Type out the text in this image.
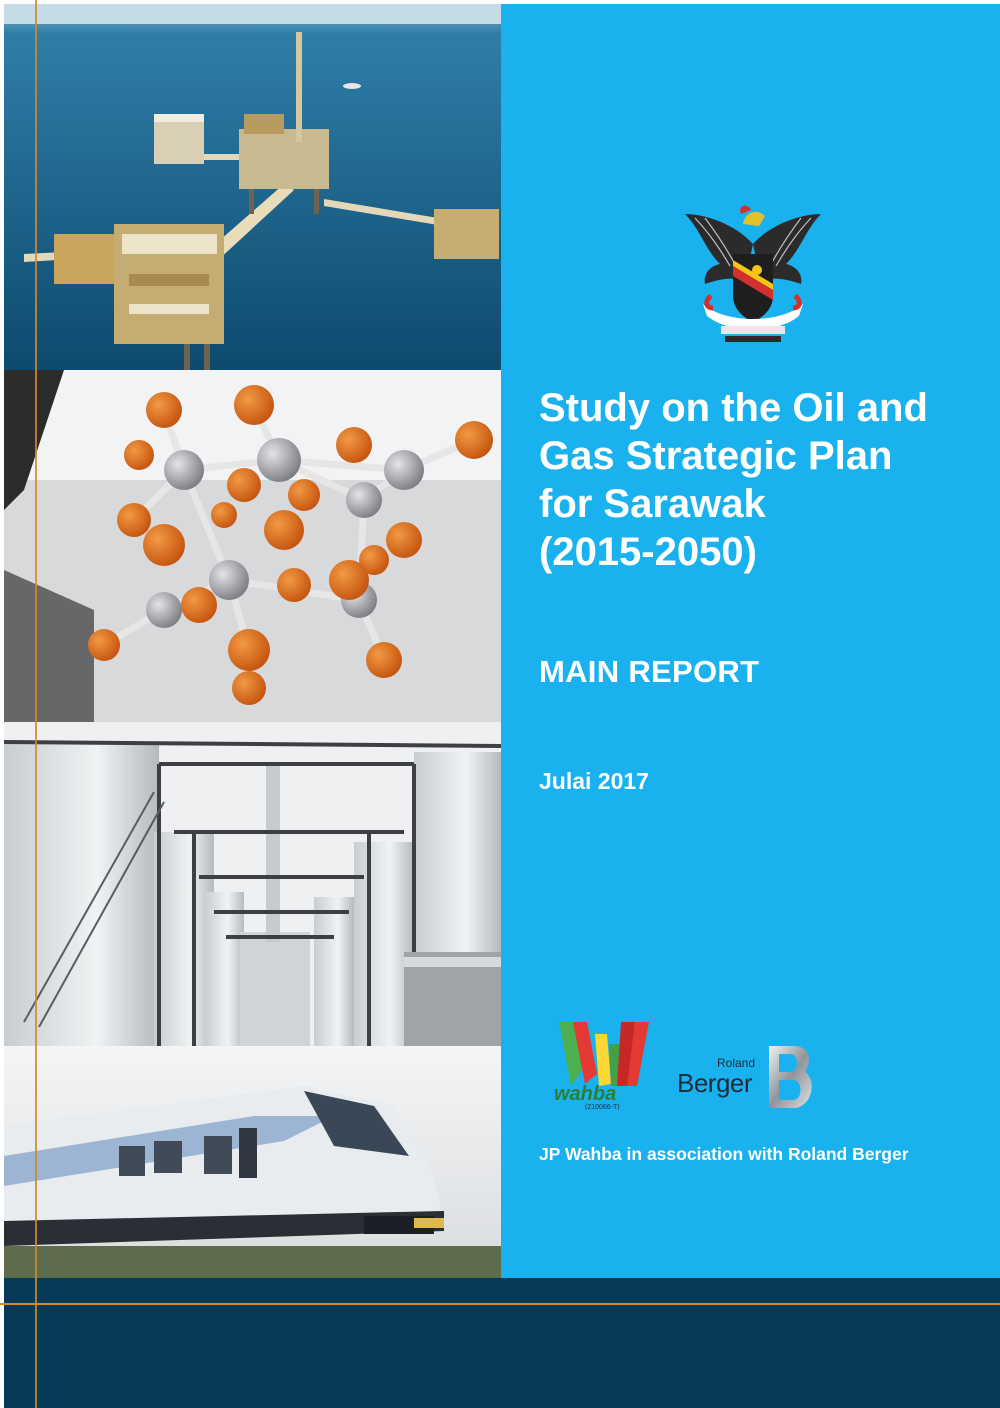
Study on the Oil and
Gas Strategic Plan
for Sarawak
(2015-2050)
MAIN REPORT
Julai 2017
wahba
(210066-T)
Roland
Berger
JP Wahba in association with Roland Berger
